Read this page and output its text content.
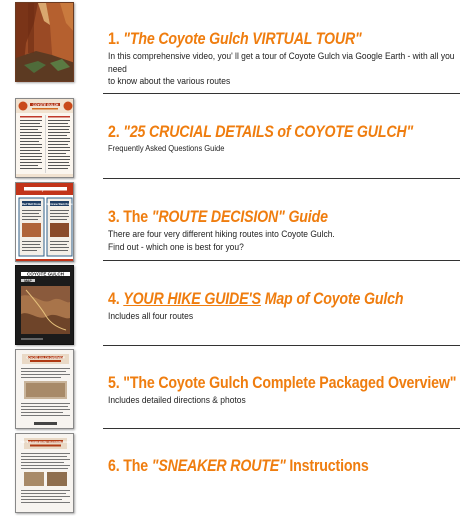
1. "The Coyote Gulch VIRTUAL TOUR"
In this comprehensive video, you' ll get a tour of Coyote Gulch via Google Earth - with all you need
to know about the various routes
COYOTE GULCH
2. "25 CRUCIAL DETAILS of COYOTE GULCH"
Frequently Asked Questions Guide
The Coyote Gulch
Red Well Route Hurricane Wash Route
3. The "ROUTE DECISION" Guide
There are four very different hiking routes into Coyote Gulch.
Find out - which one is best for you?
COYOTE GULCH
MAP
4. YOUR HIKE GUIDE'S Map of Coyote Gulch
Includes all four routes
COYOTE GULCH OVERVIEW
5. "The Coyote Gulch Complete Packaged Overview"
Includes detailed directions & photos
THE "SNEAKER ROUTE" TO COYOTE GULCH
6. The "SNEAKER ROUTE" Instructions
